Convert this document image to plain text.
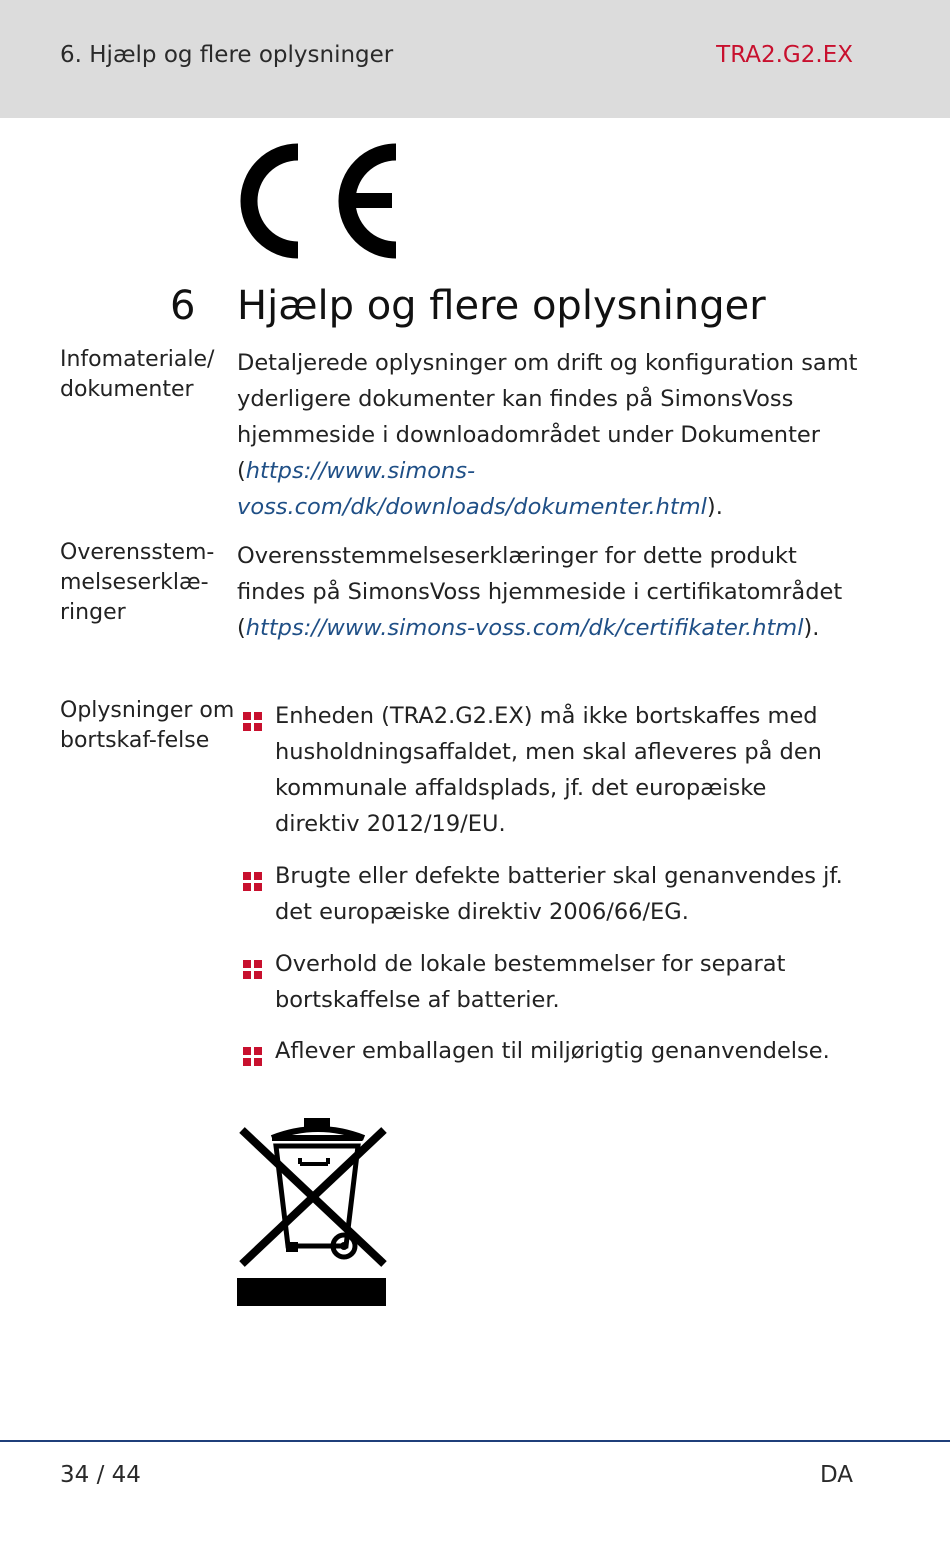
6. Hjælp og flere oplysninger	TRA2.G2.EX
6 Hjælp og flere oplysninger
Infomateriale/ dokumenter
Detaljerede oplysninger om drift og konfiguration samt yderligere dokumenter kan findes på SimonsVoss hjemmeside i downloadområdet under Dokumenter (https://www.simons-voss.com/dk/downloads/dokumenter.html).
Overensstem-melseserklæ-ringer
Overensstemmelseserklæringer for dette produkt findes på SimonsVoss hjemmeside i certifikatområdet (https://www.simons-voss.com/dk/certifikater.html).
Oplysninger om bortskaf-felse
Enheden (TRA2.G2.EX) må ikke bortskaffes med husholdningsaffaldet, men skal afleveres på den kommunale affaldsplads, jf. det europæiske direktiv 2012/19/EU.
Brugte eller defekte batterier skal genanvendes jf. det europæiske direktiv 2006/66/EG.
Overhold de lokale bestemmelser for separat bortskaffelse af batterier.
Aflever emballagen til miljørigtig genanvendelse.
34 / 44	DA
